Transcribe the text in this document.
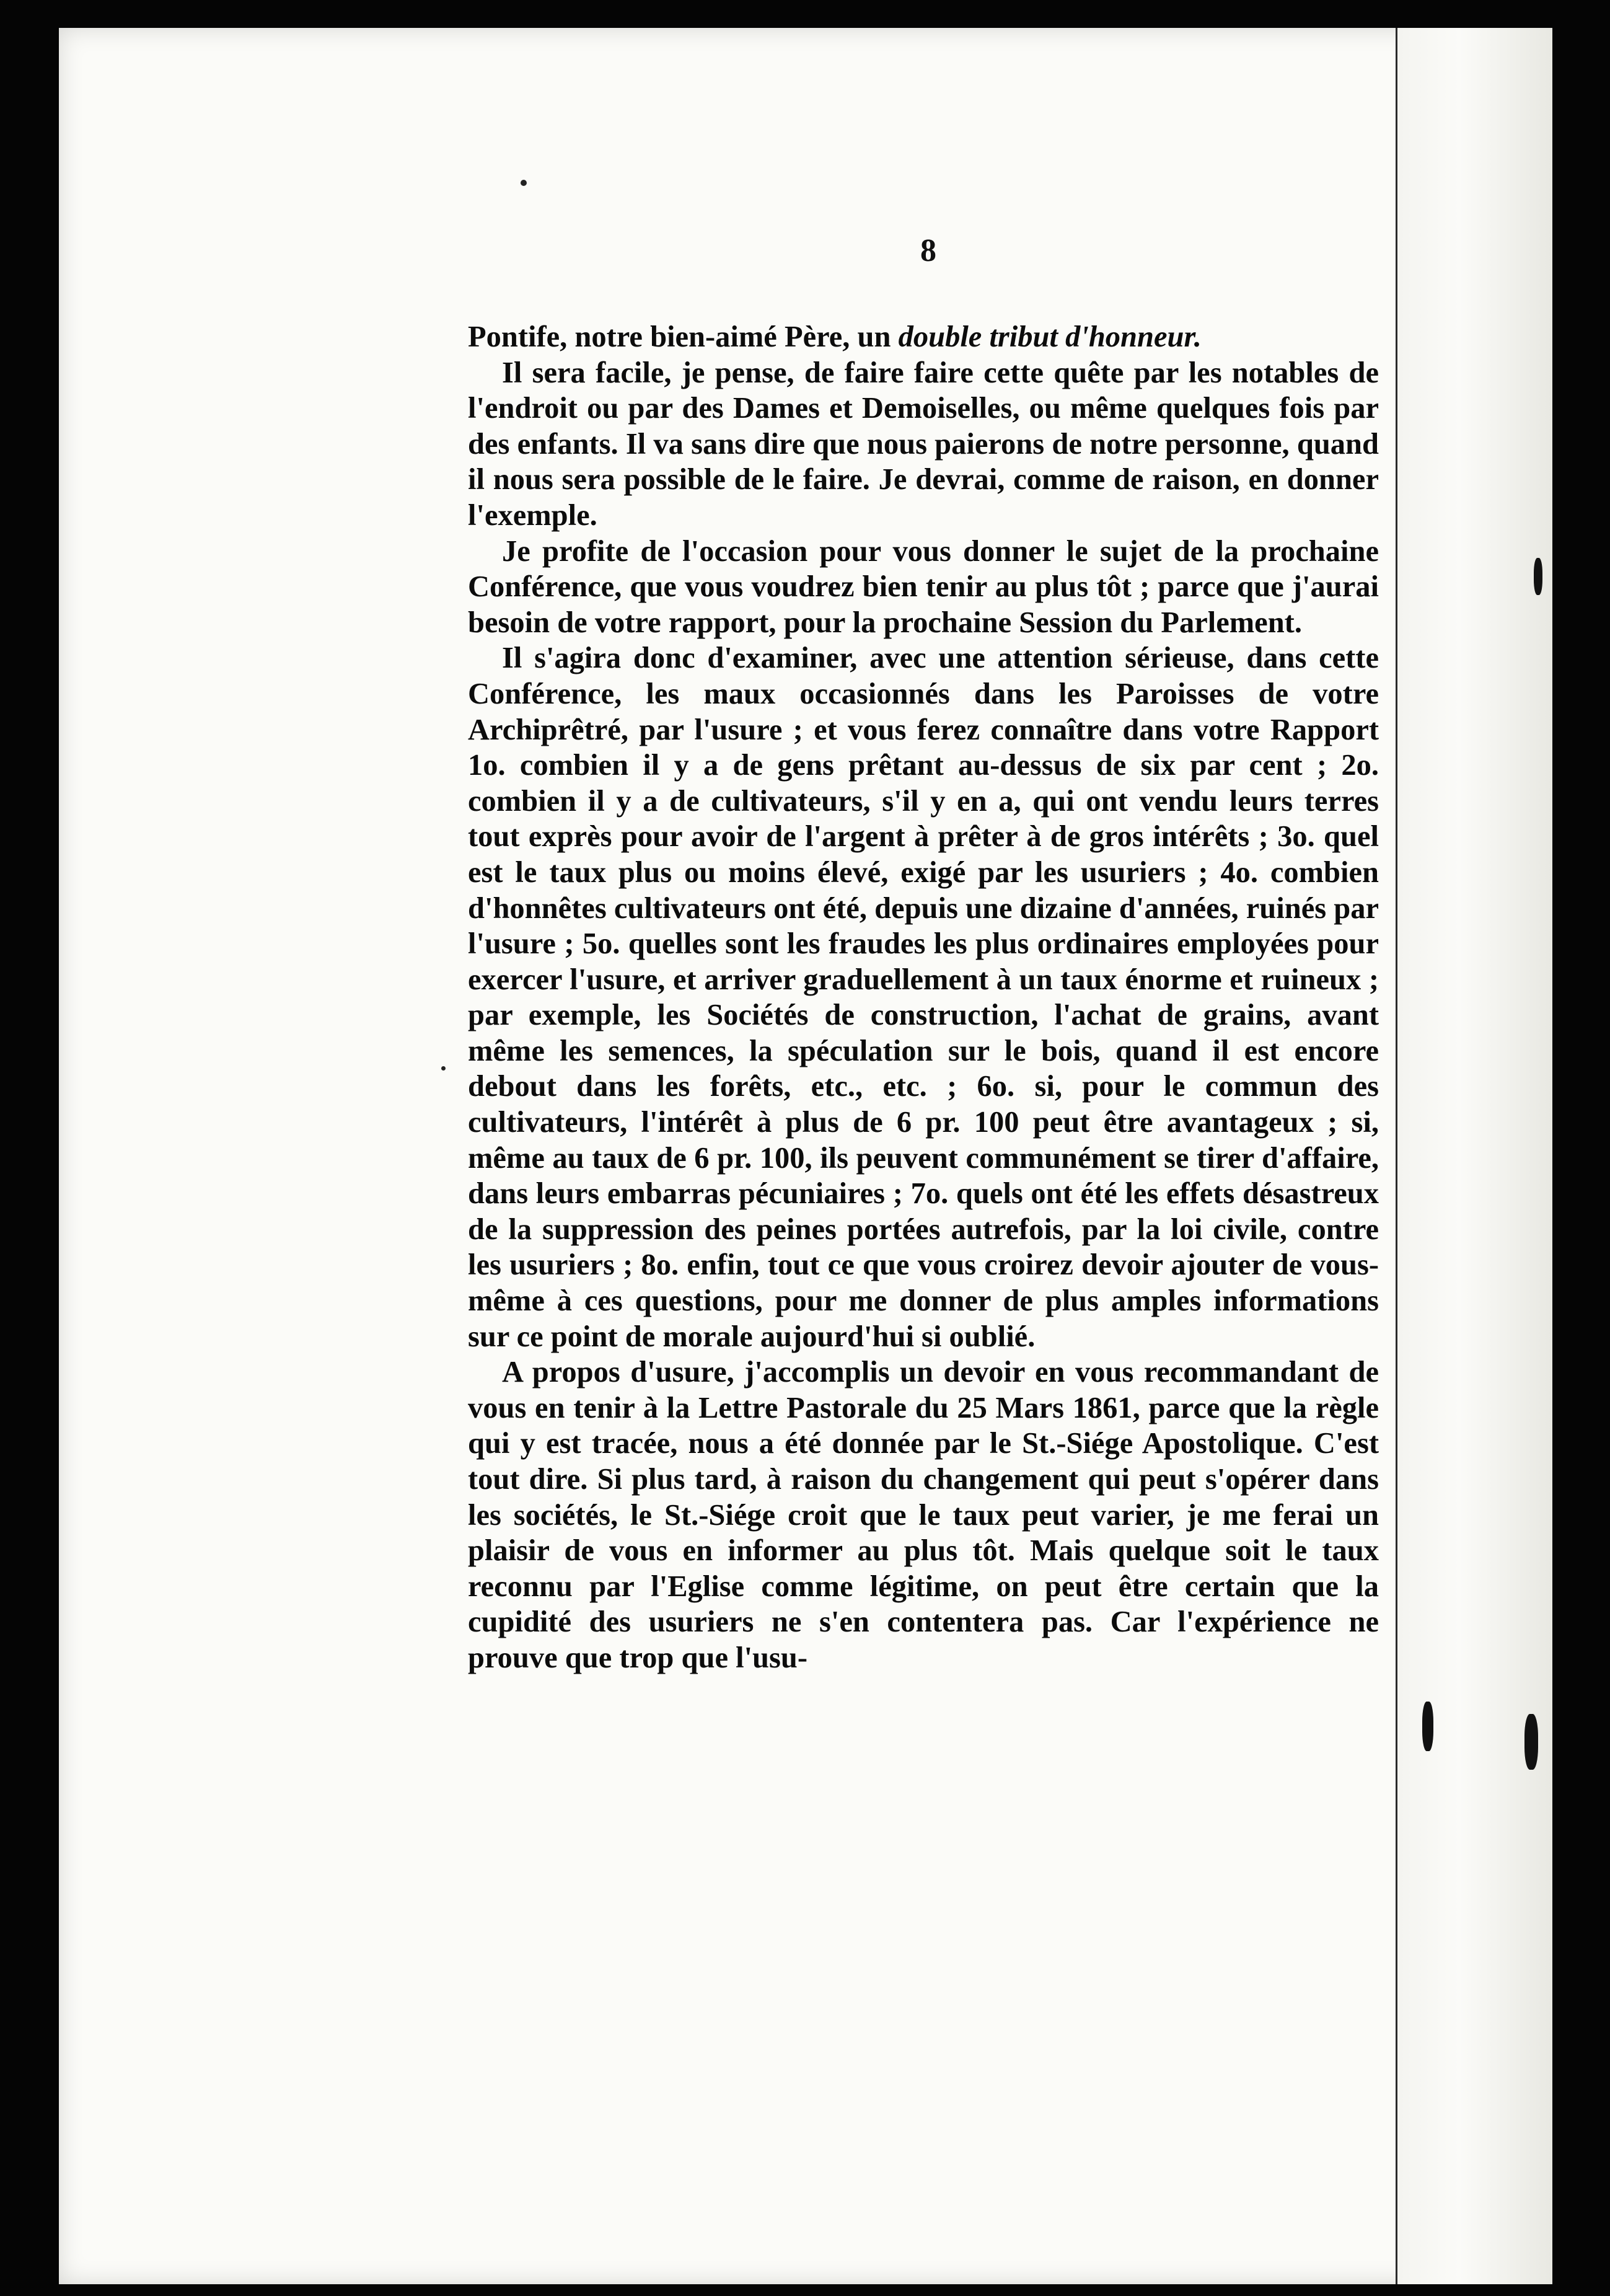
8

Pontife, notre bien-aimé Père, un double tribut d'honneur.

Il sera facile, je pense, de faire faire cette quête par les notables de l'endroit ou par des Dames et Demoiselles, ou même quelques fois par des enfants. Il va sans dire que nous paierons de notre personne, quand il nous sera possible de le faire. Je devrai, comme de raison, en donner l'exemple.

Je profite de l'occasion pour vous donner le sujet de la prochaine Conférence, que vous voudrez bien tenir au plus tôt ; parce que j'aurai besoin de votre rapport, pour la prochaine Session du Parlement.

Il s'agira donc d'examiner, avec une attention sérieuse, dans cette Conférence, les maux occasionnés dans les Paroisses de votre Archiprêtré, par l'usure ; et vous ferez connaître dans votre Rapport 1o. combien il y a de gens prêtant au-dessus de six par cent ; 2o. combien il y a de cultivateurs, s'il y en a, qui ont vendu leurs terres tout exprès pour avoir de l'argent à prêter à de gros intérêts ; 3o. quel est le taux plus ou moins élevé, exigé par les usuriers ; 4o. combien d'honnêtes cultivateurs ont été, depuis une dizaine d'années, ruinés par l'usure ; 5o. quelles sont les fraudes les plus ordinaires employées pour exercer l'usure, et arriver graduellement à un taux énorme et ruineux ; par exemple, les Sociétés de construction, l'achat de grains, avant même les semences, la spéculation sur le bois, quand il est encore debout dans les forêts, etc., etc. ; 6o. si, pour le commun des cultivateurs, l'intérêt à plus de 6 pr. 100 peut être avantageux ; si, même au taux de 6 pr. 100, ils peuvent communément se tirer d'affaire, dans leurs embarras pécuniaires ; 7o. quels ont été les effets désastreux de la suppression des peines portées autrefois, par la loi civile, contre les usuriers ; 8o. enfin, tout ce que vous croirez devoir ajouter de vous-même à ces questions, pour me donner de plus amples informations sur ce point de morale aujourd'hui si oublié.

A propos d'usure, j'accomplis un devoir en vous recommandant de vous en tenir à la Lettre Pastorale du 25 Mars 1861, parce que la règle qui y est tracée, nous a été donnée par le St.-Siége Apostolique. C'est tout dire. Si plus tard, à raison du changement qui peut s'opérer dans les sociétés, le St.-Siége croit que le taux peut varier, je me ferai un plaisir de vous en informer au plus tôt. Mais quelque soit le taux reconnu par l'Eglise comme légitime, on peut être certain que la cupidité des usuriers ne s'en contentera pas. Car l'expérience ne prouve que trop que l'usu-
